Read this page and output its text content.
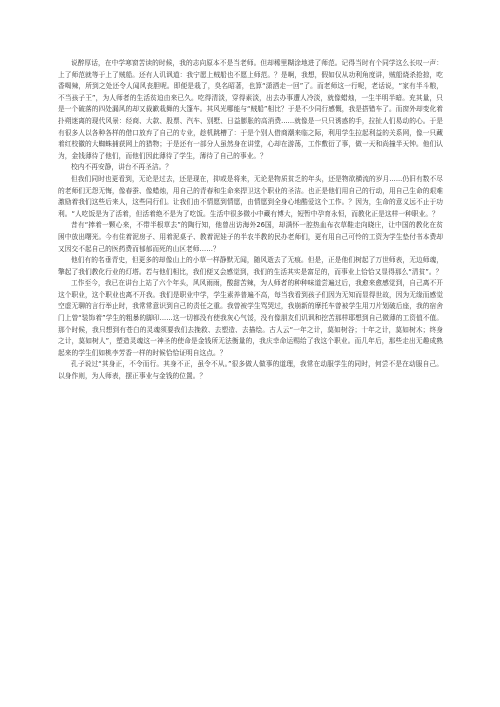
说醉厚话，在中学寒窗苦读的时候，我的志向原本不是当老师。但却稀里糊涂地进了师范。记得当时有个同学这么长叹一声：上了师范就等于上了贼船。还有人讥讽道：我宁愿上贼船也不愿上师范。？是啊，我想，假如仅从功利角度讲，贼船烧杀抢掠，吃香喝辣，所到之处还令人闻风丧胆呢。即便是栽了，臭名昭著，也算“潇洒走一回”了。而老师这一行呢，老话说，“家有半斗粮，不当孩子王”，为人师者的生活贫迫由来已久。吃得清淡，穿得素淡，出去办事遭人冷淡，就像蜡烛，一生半明半暗。充其量，只是一个破落的四处漏风的却又裁歉栽舞的大篷车。其风光哪能与“贼船”相比？于是不少同行感慨，我是搭错车了。而窗外却变化着扑朔迷离的现代风景：经商、大款、股票、汽车、别墅、日益膨胀的高消费......就像是一只只诱惑的手，拉扯人们易动的心。于是有很多人以各种各样的借口放弃了自己的专业，趁机跳槽了：于是个别人借商潮来临之际，利用学生拉起利益的关系网，像一只藏着红校徽的大蜘蛛捕获网上的猎物；于是还有一部分人虽然身在讲堂，心却在游荡，工作敷衍了事，做一天和尚撞半天钟。他们认为，金钱薄待了他们，而他们因此薄待了学生，薄待了自己的事业。？

校内不再安静，讲台不再圣洁。？

但我们同时也更看到，无论是过去，还是现在，抑或是将来，无论是物质贫乏的年头，还是物欲横流的岁月......仍旧有数不尽的老师们无怨无悔，像春蚕、像蜡烛，用自己的青春和生命来捍卫这个职业的圣洁。也正是他们用自己的行动，用自己生命的艰难激励着我们这些后来人，这些同行们。让我们由不情愿到情愿，由情愿到全身心地酷爱这个工作。？因为，生命的意义远不止于功利。“人吃饭是为了活着，但活着绝不是为了吃饭。生活中很多微小中藏有博大，短暂中孕育永恒，而教化正是这样一种职业。？

昔有“捧着一颗心来，不带半根草去”的陶行知，他曾出访海外26国，却满怀一腔热血布衣草鞋走向晓庄，让中国的教化在贫困中放出曙光。今有住着泥房子、用着泥桌子、教着泥娃子的半农半教的民办老师们，更有用自己可怜的工资为学生垫付书本费却又因交不起自己的医药费而郁郁而死的山区老师……？

他们有的名垂青史，但更多的却像山上的小草一样静默无闻，随风逝去了无痕。但是，正是他们树起了万世师表，无边师魂，擎起了我们教化行业的灯塔。若与他们相比，我们便又会感觉到，我们的生活其实是富足的，而事业上恰恰又显得那么“清贫”。？

工作至今，我已在讲台上站了六个年头，风风雨雨，酸甜苦辣，为人师者的种种味道尝遍过后，我愈来愈感觉到，自己离不开这个职业，这个职业也离不开我。我们是职业中学，学生素养普遍不高，每当我看到孩子们因为无知而显得世故，因为无缘而感觉空虚无聊的言行举止时，我常常意识到自己的责任之重。我曾被学生骂哭过，我崩新的摩托车曾被学生用刀片划破后座，我的宿舍门上曾“装饰着”学生的粗暴的脚印......这一切都没有使我灰心气馁，没有像朋友们讥讽和挖苦那样耶想到自己微薄的工资值不值。那个时候，我只想到有苍白的灵魂须要我们去挽救、去塑造、去描绘。古人云“一年之计，莫如树谷；十年之计，莫如树木；终身之计，莫如树人”，塑造灵魂这一神圣的使命是金钱所无法衡量的，我庆幸命运赐给了我这个职业。而几年后，那些走出无趣成熟起来的学生们如桃李芳香一样的时候恰恰证明自这点。？

孔子说过“其身正，不令而行。其身不正，虽令不从。”很多做人做事的道理，我常在动服学生的同时，何尝不是在动服自己。以身作则，为人师表，摆正事业与金钱的位置。？
